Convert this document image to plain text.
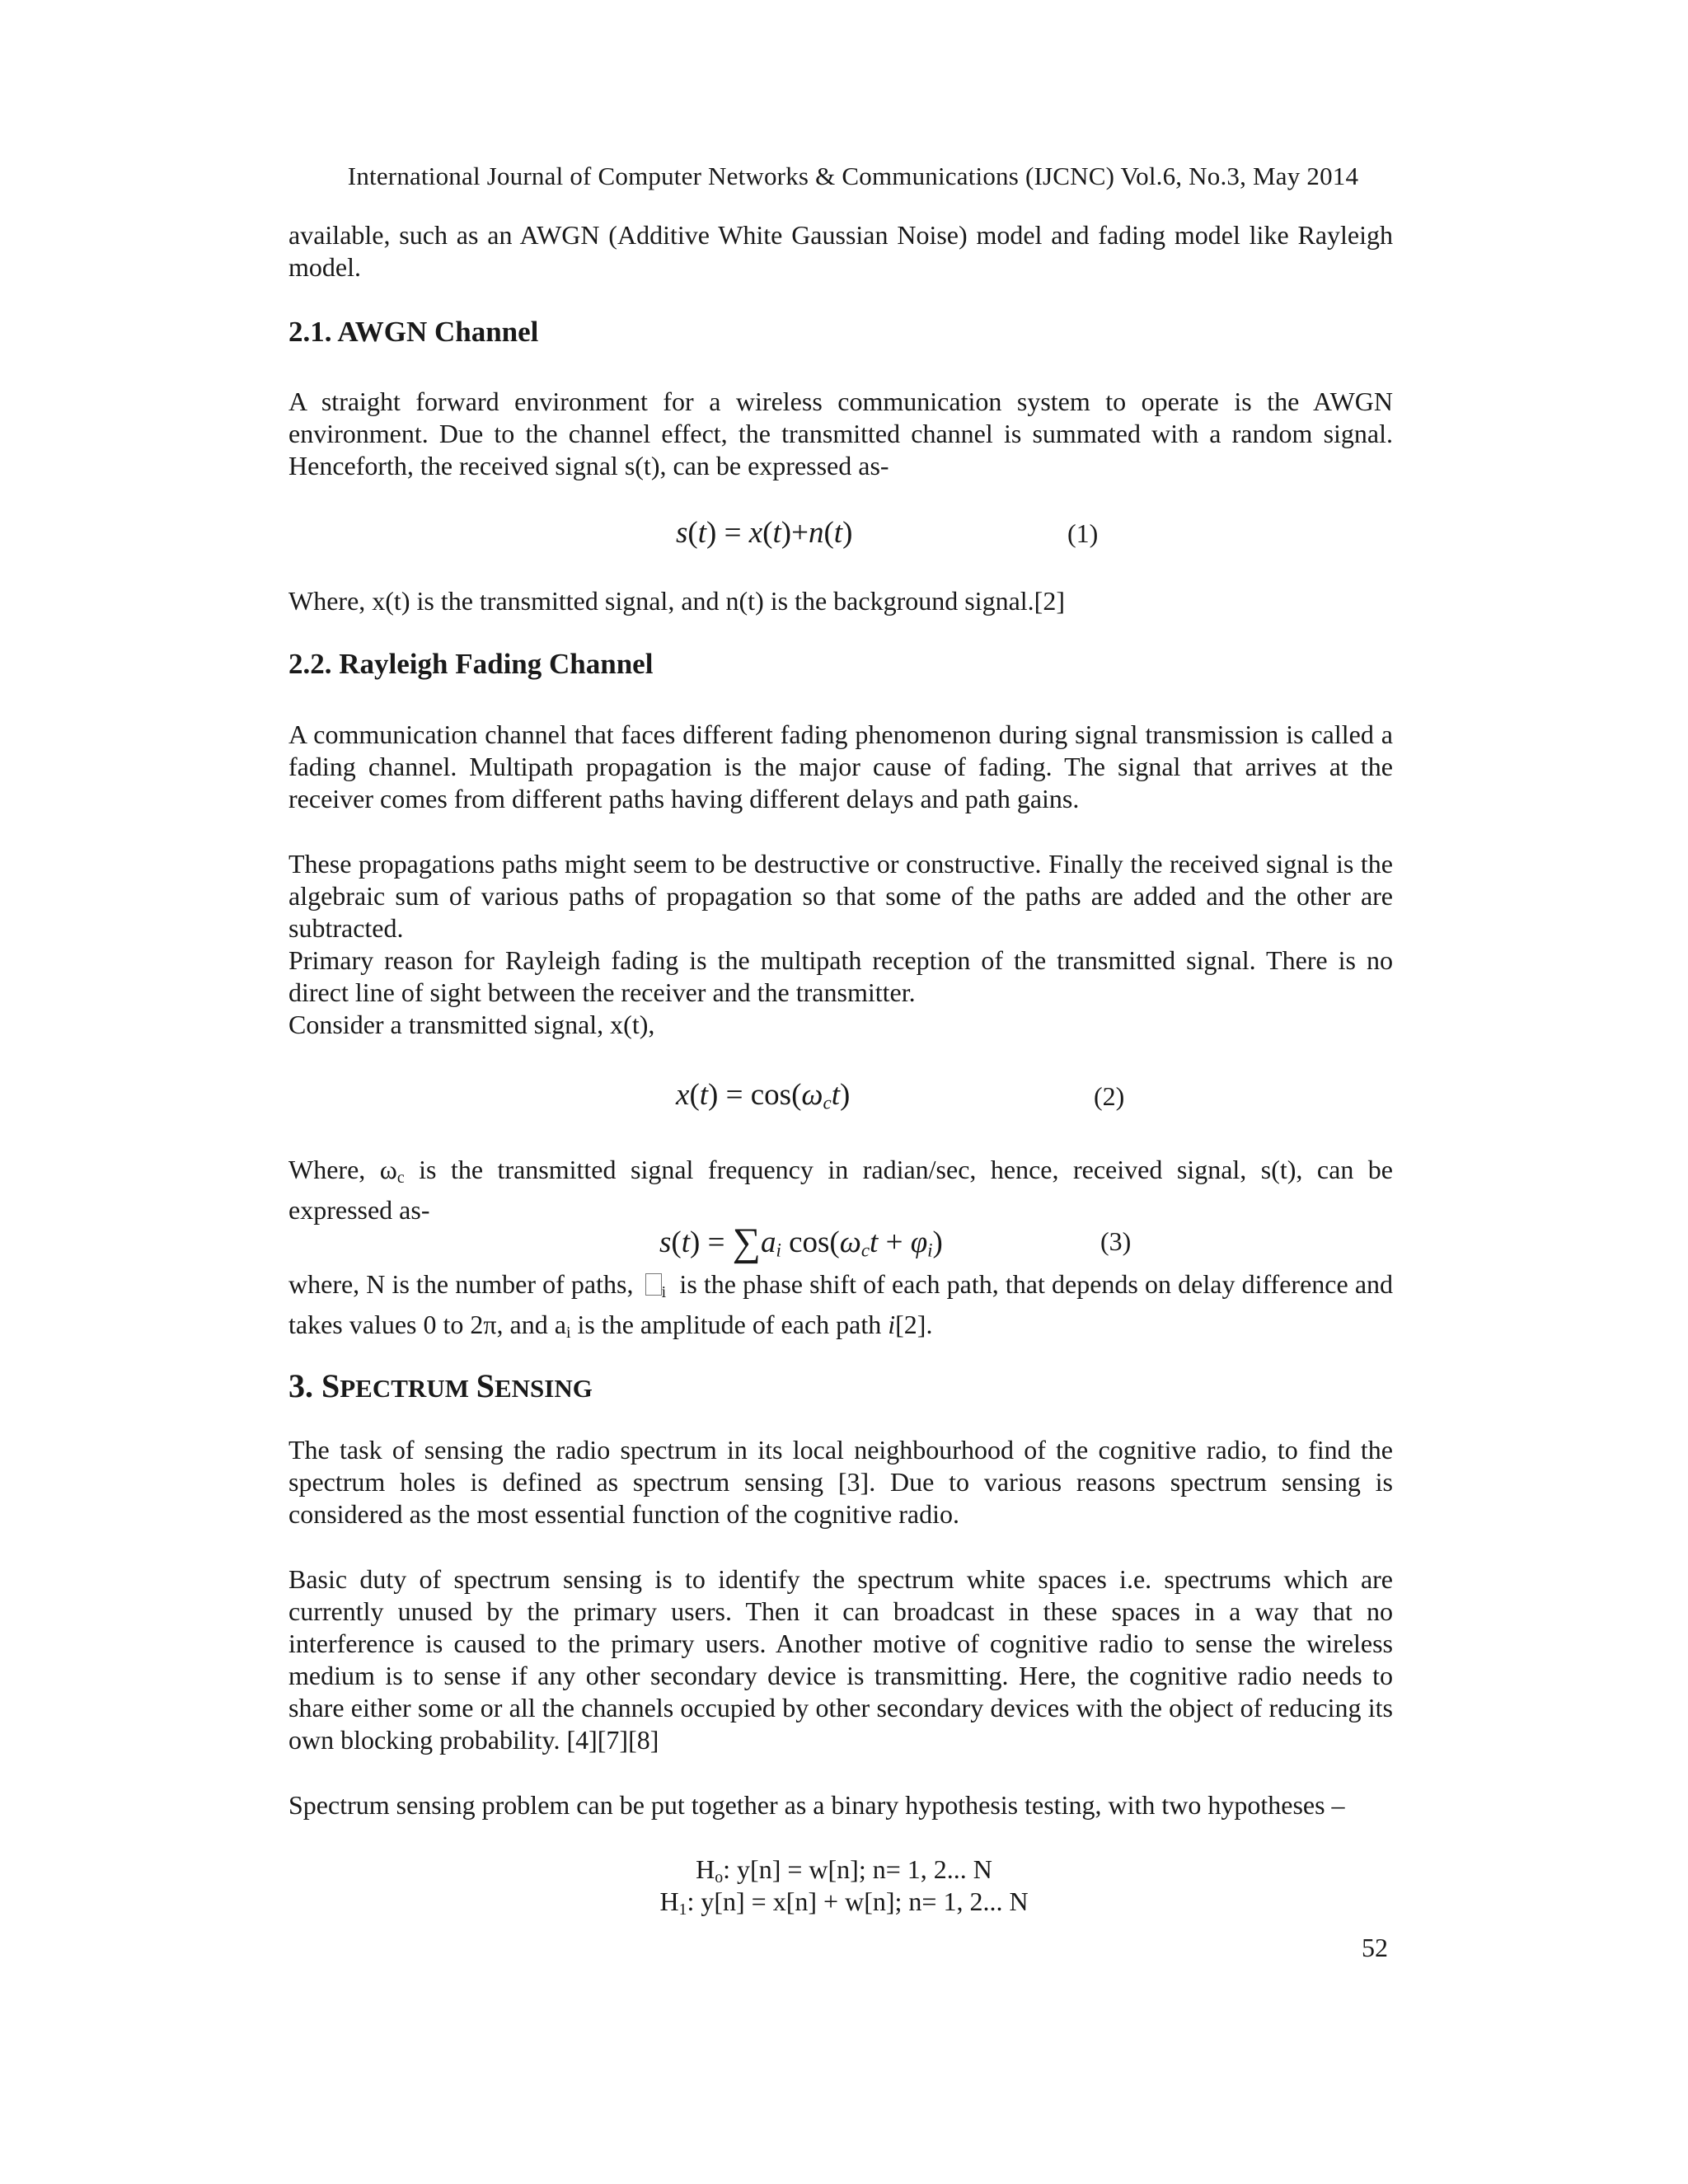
International Journal of Computer Networks & Communications (IJCNC) Vol.6, No.3, May 2014

available, such as an AWGN (Additive White Gaussian Noise) model and fading model like Rayleigh model.

2.1. AWGN Channel

A straight forward environment for a wireless communication system to operate is the AWGN environment. Due to the channel effect, the transmitted channel is summated with a random signal. Henceforth, the received signal s(t), can be expressed as-

s(t) = x(t)+n(t)	(1)

Where, x(t) is the transmitted signal, and n(t) is the background signal.[2]

2.2. Rayleigh Fading Channel

A communication channel that faces different fading phenomenon during signal transmission is called a fading channel. Multipath propagation is the major cause of fading. The signal that arrives at the receiver comes from different paths having different delays and path gains.

These propagations paths might seem to be destructive or constructive. Finally the received signal is the algebraic sum of various paths of propagation so that some of the paths are added and the other are subtracted.

Primary reason for Rayleigh fading is the multipath reception of the transmitted signal. There is no direct line of sight between the receiver and the transmitter.

Consider a transmitted signal, x(t),

$x(t) = \cos(\omega_ct)$	(2)

Where, $\omega_c$ is the transmitted signal frequency in radian/sec, hence, received signal, s(t), can be expressed as-

$s(t) = \sum a_i$ $\cos(\omega_ct + \varphi_i)$	(3)

where, N is the number of paths, $_i$ is the phase shift of each path, that depends on delay difference and takes values 0 to 2π, and $a_i$ is the amplitude of each path i[2].

3. SPECTRUM SENSING

The task of sensing the radio spectrum in its local neighbourhood of the cognitive radio, to find the spectrum holes is defined as spectrum sensing [3]. Due to various reasons spectrum sensing is considered as the most essential function of the cognitive radio.

Basic duty of spectrum sensing is to identify the spectrum white spaces i.e. spectrums which are currently unused by the primary users. Then it can broadcast in these spaces in a way that no interference is caused to the primary users. Another motive of cognitive radio to sense the wireless medium is to sense if any other secondary device is transmitting. Here, the cognitive radio needs to share either some or all the channels occupied by other secondary devices with the object of reducing its own blocking probability. [4][7][8]

Spectrum sensing problem can be put together as a binary hypothesis testing, with two hypotheses –

$H_o$: y[n] = w[n]; n= 1, 2... N
$H_1$: y[n] = x[n] + w[n]; n= 1, 2... N
52
